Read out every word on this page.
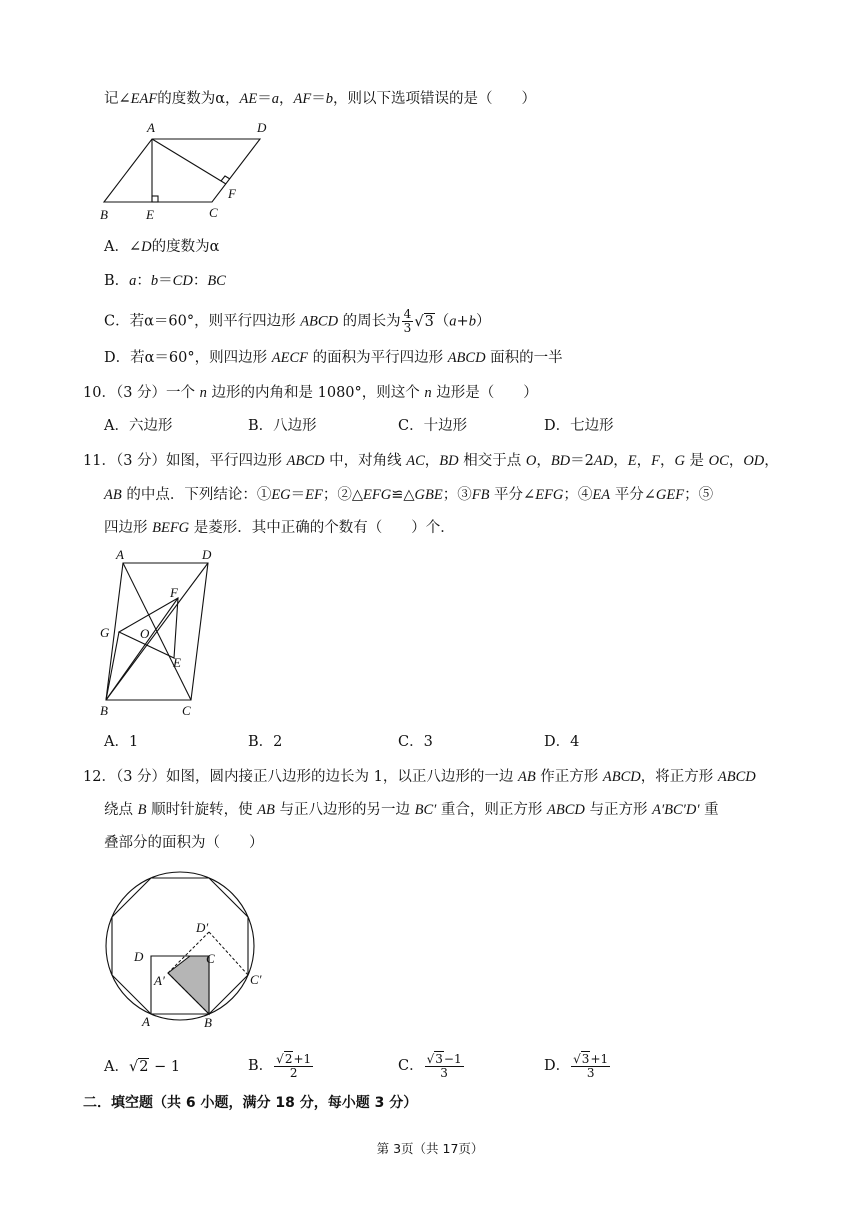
记∠EAF的度数为α，AE＝a，AF＝b，则以下选项错误的是（　　）
A	D
B	E	C
F
A．∠D的度数为α
B．a：b＝CD：BC
C．若α＝60°，则平行四边形 ABCD 的周长为 $\frac{4}{3} √3(a+b)$
D．若α＝60°，则四边形 AECF 的面积为平行四边形 ABCD 面积的一半
10．（3 分）一个 n 边形的内角和是 1080°，则这个 n 边形是（　　）
A．六边形	B．八边形	C．十边形	D．七边形
11．（3 分）如图，平行四边形 ABCD 中，对角线 AC，BD 相交于点 O，BD＝2AD，E，F，G 是 OC，OD，
AB 的中点．下列结论：①EG＝EF；②△EFG≌△GBE；③FB 平分∠EFG；④EA 平分∠GEF；⑤
四边形 BEFG 是菱形．其中正确的个数有（　　）个．
A	D
F
G O
E
B	C
A．1	B．2	C．3	D．4
12．（3 分）如图，圆内接正八边形的边长为 1，以正八边形的一边 AB 作正方形 ABCD，将正方形 ABCD
绕点 B 顺时针旋转，使 AB 与正八边形的另一边 BC′ 重合，则正方形 ABCD 与正方形 A′BC′D′ 重
叠部分的面积为（　　）
D′
D	C
C′
A′
A	B
A．√2 − 1	B． $\frac{√2+1}{2}$	C． $\frac{√3-1}{3}$	D． $\frac{√3+1}{3}$
二．填空题（共 6 小题，满分 18 分，每小题 3 分）
第 3页（共 17页）
